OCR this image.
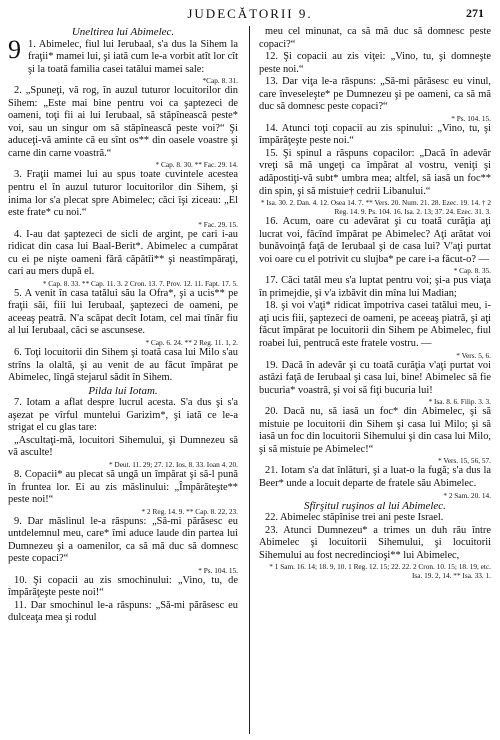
JUDECĂTORII 9.	271
Uneltirea lui Abimelec.
9 1. Abimelec, fiul lui Ierubaal, s'a dus la Sihem la fraţii* mamei lui, şi iată cum le-a vorbit atît lor cît şi la toată familia casei tatălui mamei sale:
*Cap. 8. 31.
2. „Spuneţi, vă rog, în auzul tuturor locuitorilor din Sihem: „Este mai bine pentru voi ca şaptezeci de oameni, toţi fii ai lui Ierubaal, să stăpînească peste* voi, sau un singur om să stăpînească peste voi?“ Şi aduceţi-vă aminte că eu sînt os** din oasele voastre şi carne din carne voastră.“
* Cap. 8. 30. ** Fac. 29. 14.
3. Fraţii mamei lui au spus toate cuvintele acestea pentru el în auzul tuturor locuitorilor din Sihem, şi inima lor s'a plecat spre Abimelec; căci îşi ziceau: „El este frate* cu noi.“
* Fac. 29. 15.
4. I-au dat şaptezeci de sicli de argint, pe cari i-au ridicat din casa lui Baal-Berit*. Abimelec a cumpărat cu ei pe nişte oameni fără căpătîi** şi neastîmpăraţi, cari au mers după el.
* Cap. 8. 33. ** Cap. 11. 3. 2 Cron. 13. 7. Prov. 12. 11. Fapt. 17. 5.
5. A venit în casa tatălui său la Ofra*, şi a ucis** pe fraţii săi, fiii lui Ierubaal, şaptezeci de oameni, pe aceeaş peatră. N'a scăpat decît Iotam, cel mai tînăr fiu al lui Ierubaal, căci se ascunsese.
* Cap. 6. 24. ** 2 Reg. 11. 1, 2.
6. Toţi locuitorii din Sihem şi toată casa lui Milo s'au strîns la olaltă, şi au venit de au făcut împărat pe Abimelec, lîngă stejarul sădit în Sihem.
Pilda lui Iotam.
7. Iotam a aflat despre lucrul acesta. S'a dus şi s'a aşezat pe vîrful muntelui Garizim*, şi iată ce le-a strigat el cu glas tare:
„Ascultaţi-mă, locuitori Sihemului, şi Dumnezeu să vă asculte!
* Deut. 11. 29; 27. 12. Ios. 8. 33. Ioan 4. 20.
8. Copacii* au plecat să ungă un împărat şi să-l pună în fruntea lor. Ei au zis măslinului: „Împărăteşte** peste noi!“
* 2 Reg. 14. 9. ** Cap. 8. 22, 23.
9. Dar măslinul le-a răspuns: „Să-mi părăsesc eu untdelemnul meu, care* îmi aduce laude din partea lui Dumnezeu şi a oamenilor, ca să mă duc să domnesc peste copaci?“
* Ps. 104. 15.
10. Şi copacii au zis smochinului: „Vino, tu, de împărăţeşte peste noi!“
11. Dar smochinul le-a răspuns: „Să-mi părăsesc eu dulceaţa mea şi rodul
meu cel minunat, ca să mă duc să domnesc peste copaci?“
12. Şi copacii au zis viţei: „Vino, tu, şi domneşte peste noi.“
13. Dar viţa le-a răspuns: „Să-mi părăsesc eu vinul, care înveseleşte* pe Dumnezeu şi pe oameni, ca să mă duc să domnesc peste copaci?“
* Ps. 104. 15.
14. Atunci toţi copacii au zis spinului: „Vino, tu, şi împărăţeşte peste noi.“
15. Şi spinul a răspuns copacilor: „Dacă în adevăr vreţi să mă ungeţi ca împărat al vostru, veniţi şi adăpostiţi-vă subt* umbra mea; altfel, să iasă un foc** din spin, şi să mistuie† cedrii Libanului.“
* Isa. 30. 2. Dan. 4. 12. Osea 14. 7. ** Vers. 20. Num. 21. 28. Ezec. 19. 14. † 2 Reg. 14. 9. Ps. 104. 16. Isa. 2. 13; 37. 24. Ezec. 31. 3.
16. Acum, oare cu adevărat şi cu toată curăţia aţi lucrat voi, făcînd împărat pe Abimelec? Aţi arătat voi bunăvoinţă faţă de Ierubaal şi de casa lui? V'aţi purtat voi oare cu el potrivit cu slujba* pe care i-a făcut-o? —
* Cap. 8. 35.
17. Căci tatăl meu s'a luptat pentru voi; şi-a pus viaţa în primejdie, şi v'a izbăvit din mîna lui Madian;
18. şi voi v'aţi* ridicat împotriva casei tatălui meu, i-aţi ucis fiii, şaptezeci de oameni, pe aceeaş piatră, şi aţi făcut împărat pe locuitorii din Sihem pe Abimelec, fiul roabei lui, pentrucă este fratele vostru. —
* Vers. 5, 6.
19. Dacă în adevăr şi cu toată curăţia v'aţi purtat voi astăzi faţă de Ierubaal şi casa lui, bine! Abimelec să fie bucuria* voastră, şi voi să fiţi bucuria lui!
* Isa. 8. 6. Filip. 3. 3.
20. Dacă nu, să iasă un foc* din Abimelec, şi să mistuie pe locuitorii din Sihem şi casa lui Milo; şi să iasă un foc din locuitorii Sihemului şi din casa lui Milo, şi să mistuie pe Abimelec!“
* Vers. 15, 56, 57.
21. Iotam s'a dat înlături, şi a luat-o la fugă; s'a dus la Beer* unde a locuit departe de fratele său Abimelec.
* 2 Sam. 20. 14.
Sfîrşitul ruşinos al lui Abimelec.
22. Abimelec stăpînise trei ani peste Israel.
23. Atunci Dumnezeu* a trimes un duh rău între Abimelec şi locuitorii Sihemului, şi locuitorii Sihemului au fost necredincioşi** lui Abimelec,
* 1 Sam. 16. 14; 18. 9, 10. 1 Reg. 12. 15; 22. 22. 2 Cron. 10. 15; 18. 19, etc. Isa. 19. 2, 14. ** Isa. 33. 1.
